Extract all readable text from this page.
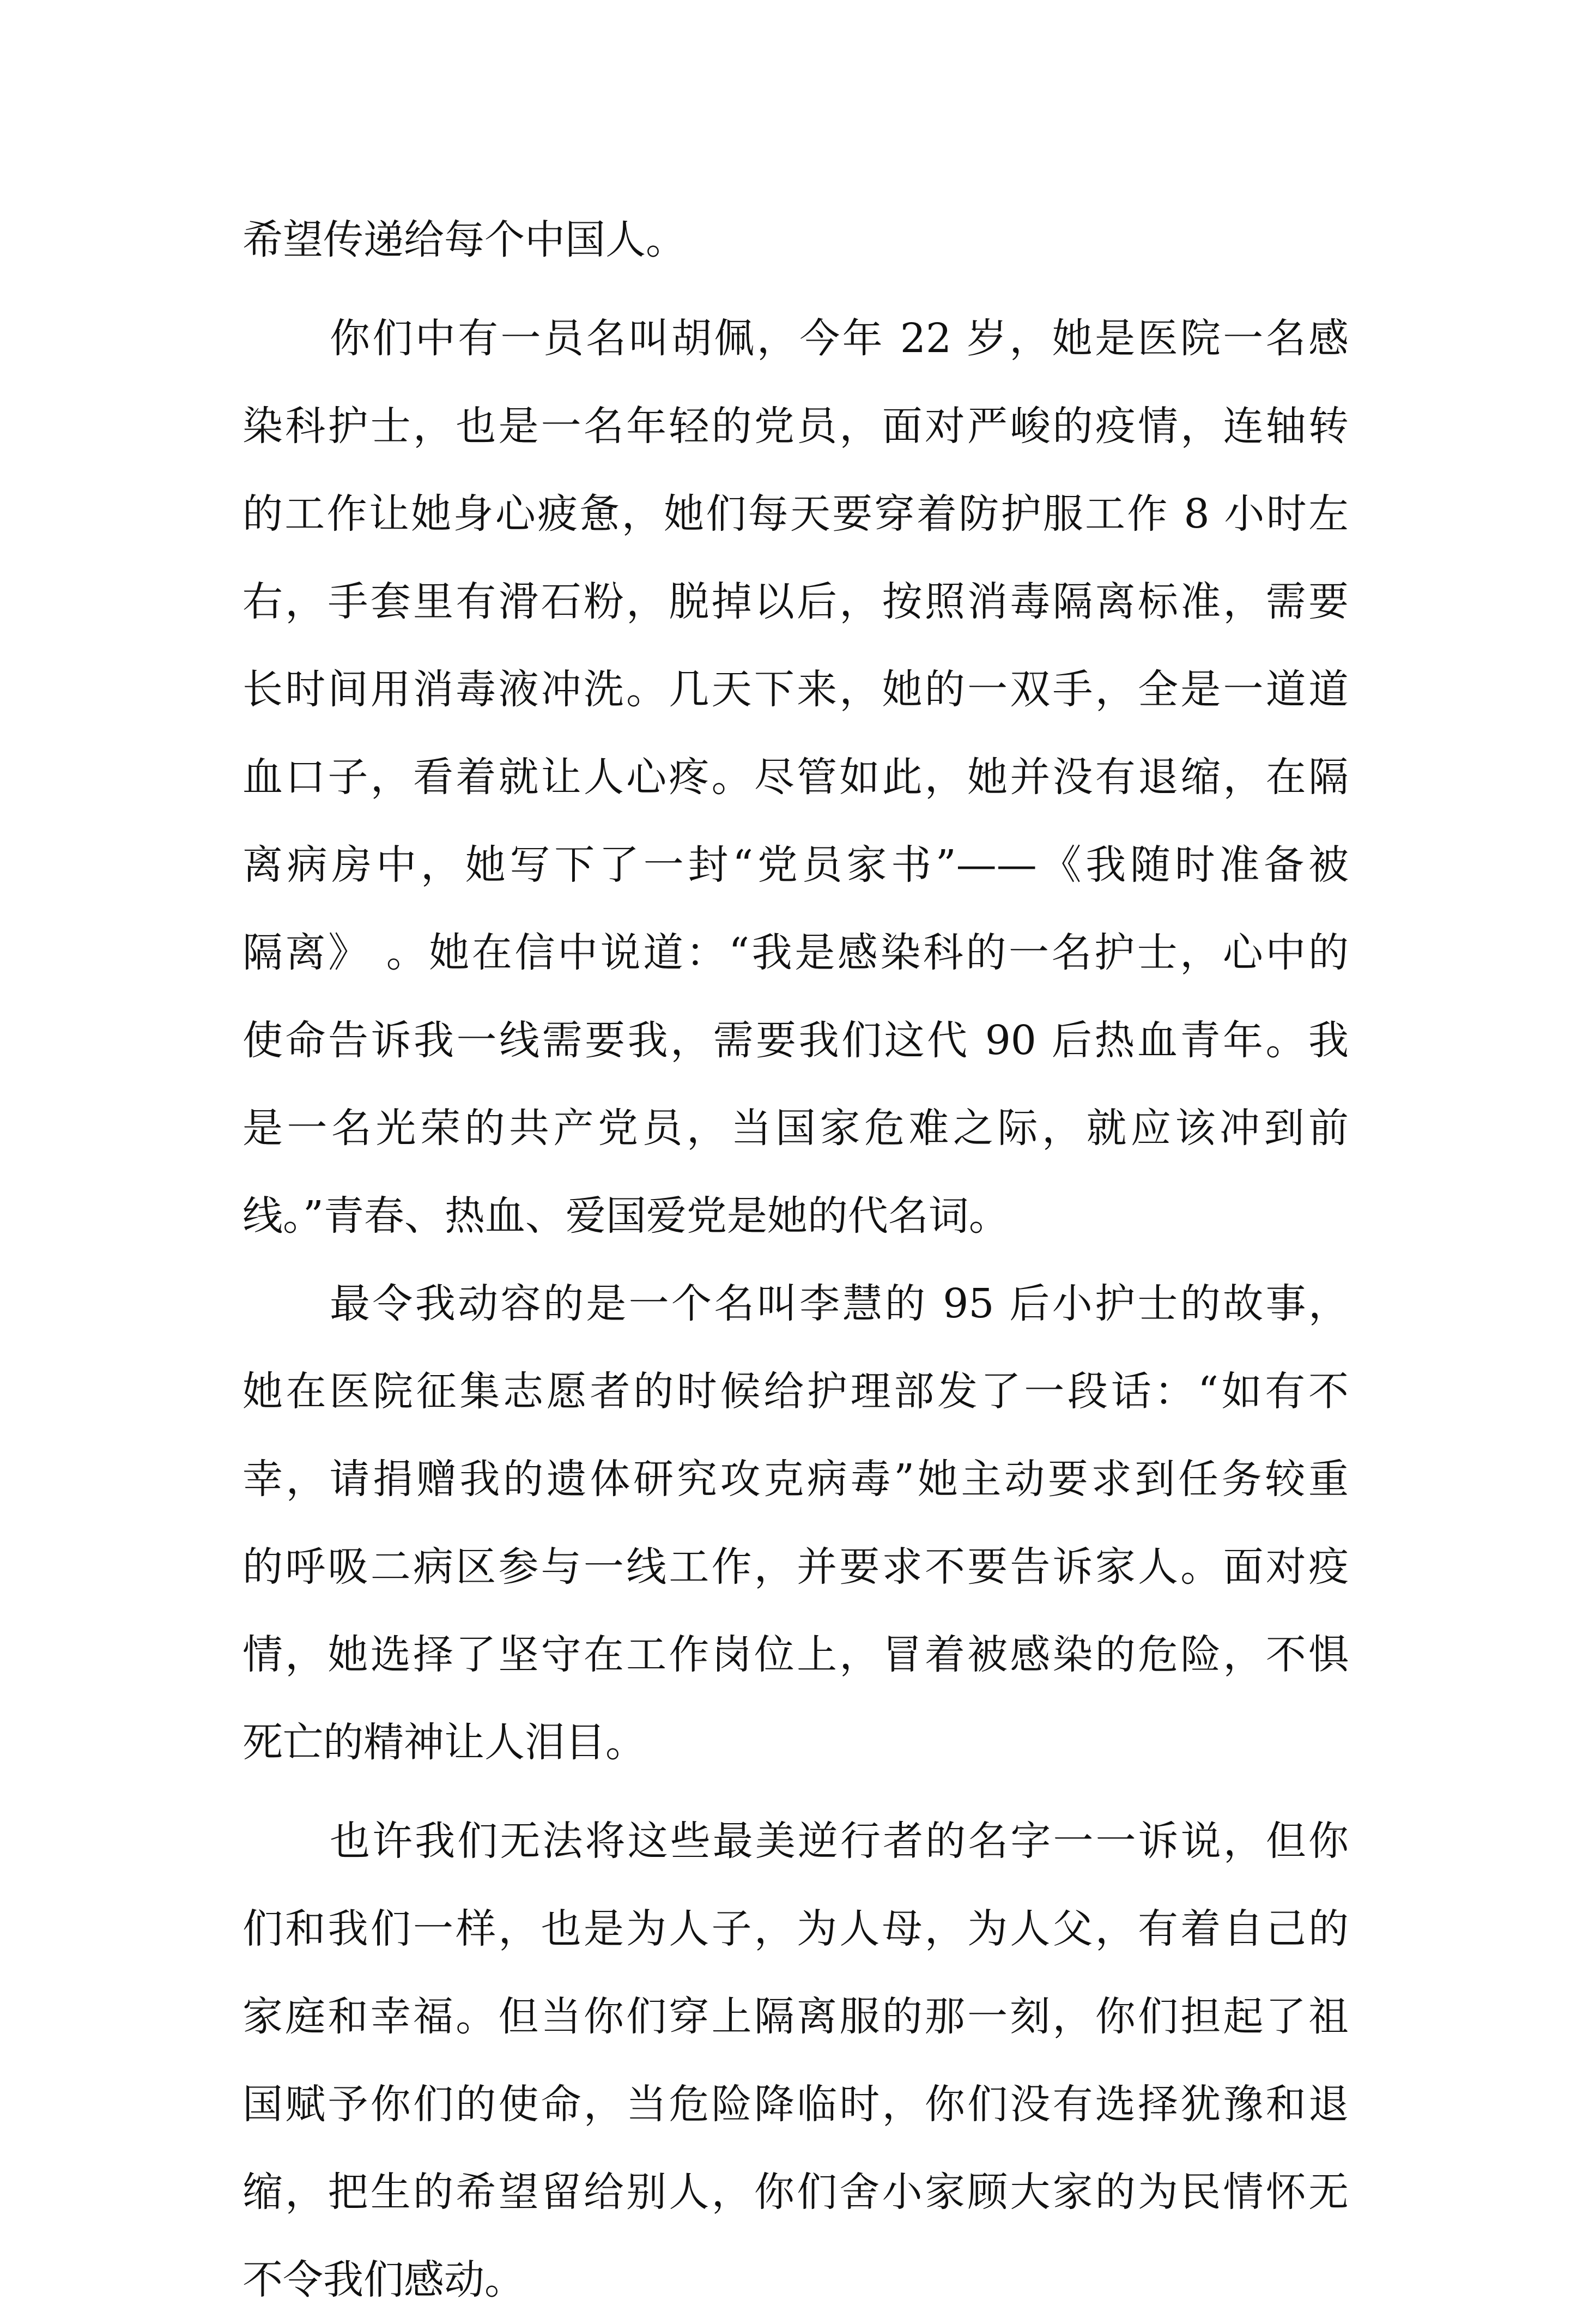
希望传递给每个中国人。
你们中有一员名叫胡佩，今年 22 岁，她是医院一名感
染科护士，也是一名年轻的党员，面对严峻的疫情，连轴转
的工作让她身心疲惫，她们每天要穿着防护服工作 8 小时左
右，手套里有滑石粉，脱掉以后，按照消毒隔离标准，需要
长时间用消毒液冲洗。几天下来，她的一双手，全是一道道
血口子，看着就让人心疼。尽管如此，她并没有退缩，在隔
离病房中，她写下了一封“党员家书”——《我随时准备被
隔离》 。她在信中说道：“我是感染科的一名护士，心中的
使命告诉我一线需要我，需要我们这代 90 后热血青年。我
是一名光荣的共产党员，当国家危难之际，就应该冲到前
线。”青春、热血、爱国爱党是她的代名词。
最令我动容的是一个名叫李慧的 95 后小护士的故事，
她在医院征集志愿者的时候给护理部发了一段话：“如有不
幸，请捐赠我的遗体研究攻克病毒”她主动要求到任务较重
的呼吸二病区参与一线工作，并要求不要告诉家人。面对疫
情，她选择了坚守在工作岗位上，冒着被感染的危险，不惧
死亡的精神让人泪目。
也许我们无法将这些最美逆行者的名字一一诉说，但你
们和我们一样，也是为人子，为人母，为人父，有着自己的
家庭和幸福。但当你们穿上隔离服的那一刻，你们担起了祖
国赋予你们的使命，当危险降临时，你们没有选择犹豫和退
缩，把生的希望留给别人，你们舍小家顾大家的为民情怀无
不令我们感动。
